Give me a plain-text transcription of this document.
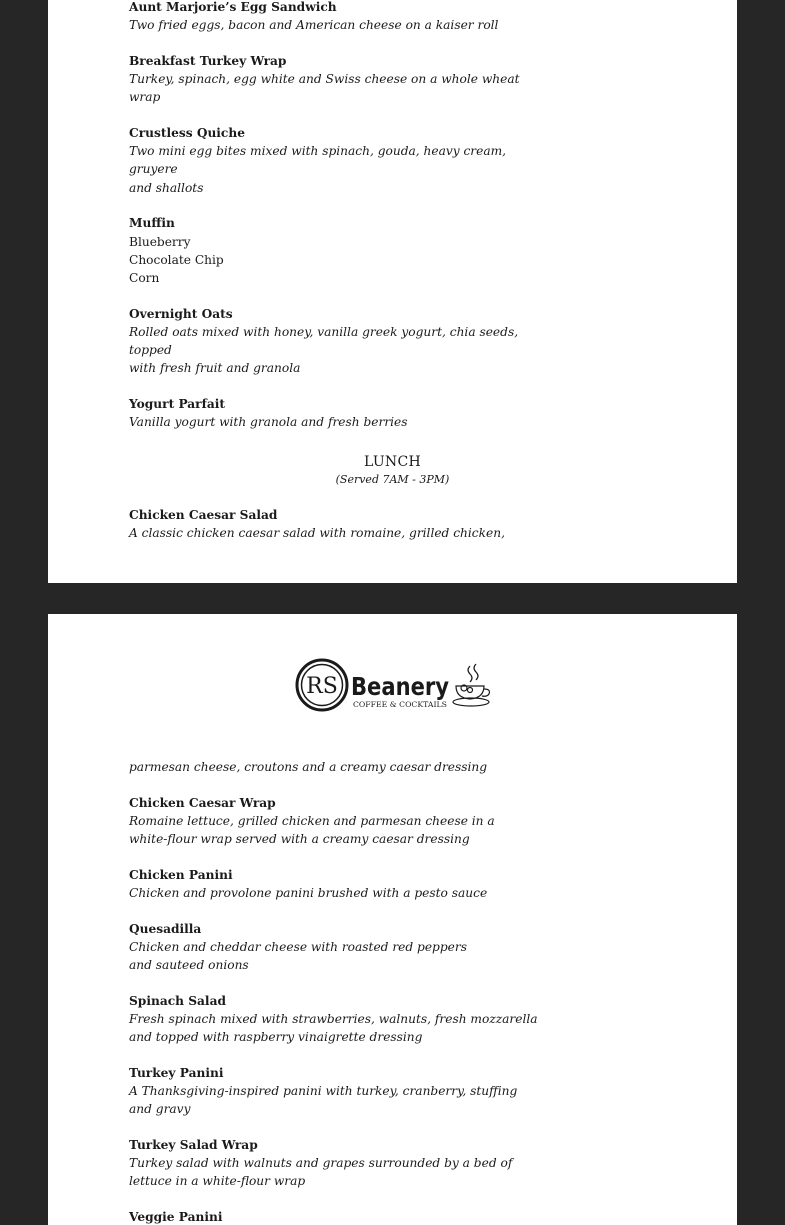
Aunt Marjorie’s Egg Sandwich

Two fried eggs, bacon and American cheese on a kaiser roll

Breakfast Turkey Wrap

Turkey, spinach, egg white and Swiss cheese on a whole wheat wrap

Crustless Quiche

Two mini egg bites mixed with spinach, gouda, heavy cream, gruyere

and shallots

Muffin

Blueberry

Chocolate Chip

Corn

Overnight Oats

Rolled oats mixed with honey, vanilla greek yogurt, chia seeds, topped

with fresh fruit and granola

Yogurt Parfait

Vanilla yogurt with granola and fresh berries

LUNCH
(Served 7AM - 3PM)

Chicken Caesar Salad

A classic chicken caesar salad with romaine, grilled chicken,

RS Beanery
COFFEE & COCKTAILS

parmesan cheese, croutons and a creamy caesar dressing

Chicken Caesar Wrap

Romaine lettuce, grilled chicken and parmesan cheese in a

white-flour wrap served with a creamy caesar dressing

Chicken Panini

Chicken and provolone panini brushed with a pesto sauce

Quesadilla

Chicken and cheddar cheese with roasted red peppers

and sauteed onions

Spinach Salad

Fresh spinach mixed with strawberries, walnuts, fresh mozzarella

and topped with raspberry vinaigrette dressing

Turkey Panini

A Thanksgiving-inspired panini with turkey, cranberry, stuffing

and gravy

Turkey Salad Wrap

Turkey salad with walnuts and grapes surrounded by a bed of

lettuce in a white-flour wrap

Veggie Panini
